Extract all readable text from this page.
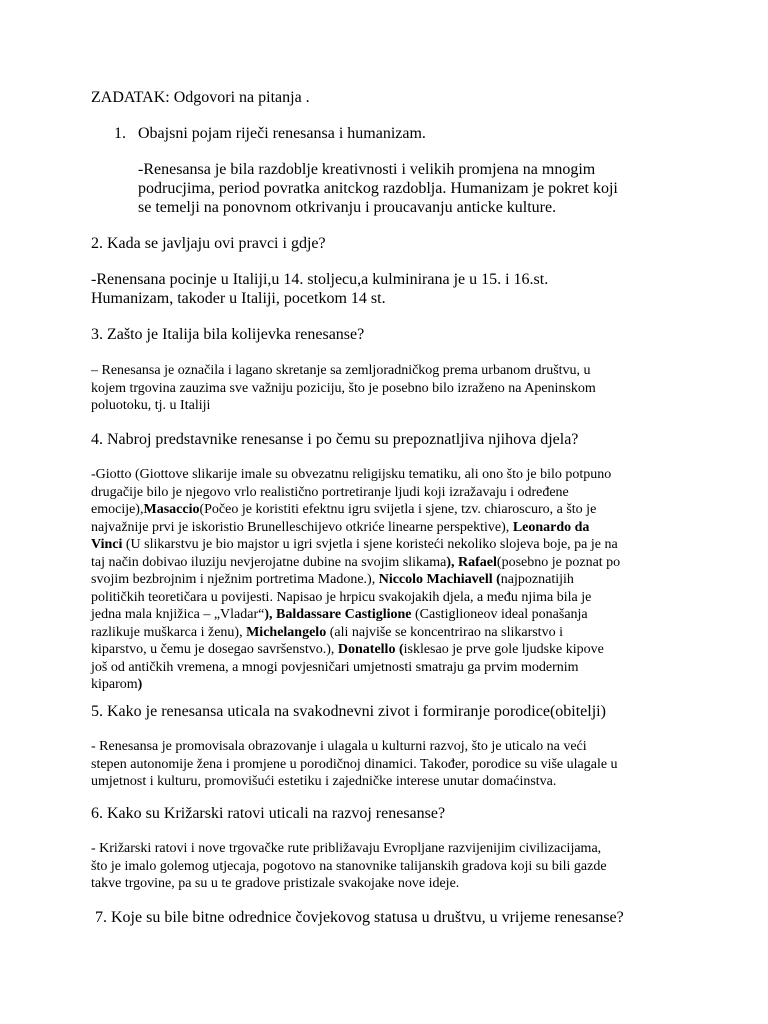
ZADATAK: Odgovori na pitanja .

1. Obajsni pojam riječi renesansa i humanizam.

-Renesansa je bila razdoblje kreativnosti i velikih promjena na mnogim
podrucjima, period povratka anitckog razdoblja. Humanizam je pokret koji
se temelji na ponovnom otkrivanju i proucavanju anticke kulture.

2. Kada se javljaju ovi pravci i gdje?

-Renensana pocinje u Italiji,u 14. stoljecu,a kulminirana je u 15. i 16.st.
Humanizam, takoder u Italiji, pocetkom 14 st.

3. Zašto je Italija bila kolijevka renesanse?

– Renesansa je označila i lagano skretanje sa zemljoradničkog prema urbanom društvu, u
kojem trgovina zauzima sve važniju poziciju, što je posebno bilo izraženo na Apeninskom
poluotoku, tj. u Italiji

4. Nabroj predstavnike renesanse i po čemu su prepoznatljiva njihova djela?

-Giotto (Giottove slikarije imale su obvezatnu religijsku tematiku, ali ono što je bilo potpuno
drugačije bilo je njegovo vrlo realistično portretiranje ljudi koji izražavaju i određene
emocije),Masaccio(Počeo je koristiti efektnu igru svijetla i sjene, tzv. chiaroscuro, a što je
najvažnije prvi je iskoristio Brunelleschijevo otkriće linearne perspektive), Leonardo da
Vinci (U slikarstvu je bio majstor u igri svjetla i sjene koristeći nekoliko slojeva boje, pa je na
taj način dobivao iluziju nevjerojatne dubine na svojim slikama), Rafael(posebno je poznat po
svojim bezbrojnim i nježnim portretima Madone.), Niccolo Machiavell (najpoznatijih
političkih teoretičara u povijesti. Napisao je hrpicu svakojakih djela, a među njima bila je
jedna mala knjižica – „Vladar“), Baldassare Castiglione (Castiglioneov ideal ponašanja
razlikuje muškarca i ženu), Michelangelo (ali najviše se koncentrirao na slikarstvo i
kiparstvo, u čemu je dosegao savršenstvo.), Donatello (isklesao je prve gole ljudske kipove
još od antičkih vremena, a mnogi povjesničari umjetnosti smatraju ga prvim modernim
kiparom)

5. Kako je renesansa uticala na svakodnevni zivot i formiranje porodice(obitelji)

- Renesansa je promovisala obrazovanje i ulagala u kulturni razvoj, što je uticalo na veći
stepen autonomije žena i promjene u porodičnoj dinamici. Također, porodice su više ulagale u
umjetnost i kulturu, promovišući estetiku i zajedničke interese unutar domaćinstva.

6. Kako su Križarski ratovi uticali na razvoj renesanse?

- Križarski ratovi i nove trgovačke rute približavaju Evropljane razvijenijim civilizacijama,
što je imalo golemog utjecaja, pogotovo na stanovnike talijanskih gradova koji su bili gazde
takve trgovine, pa su u te gradove pristizale svakojake nove ideje.

7. Koje su bile bitne odrednice čovjekovog statusa u društvu, u vrijeme renesanse?
